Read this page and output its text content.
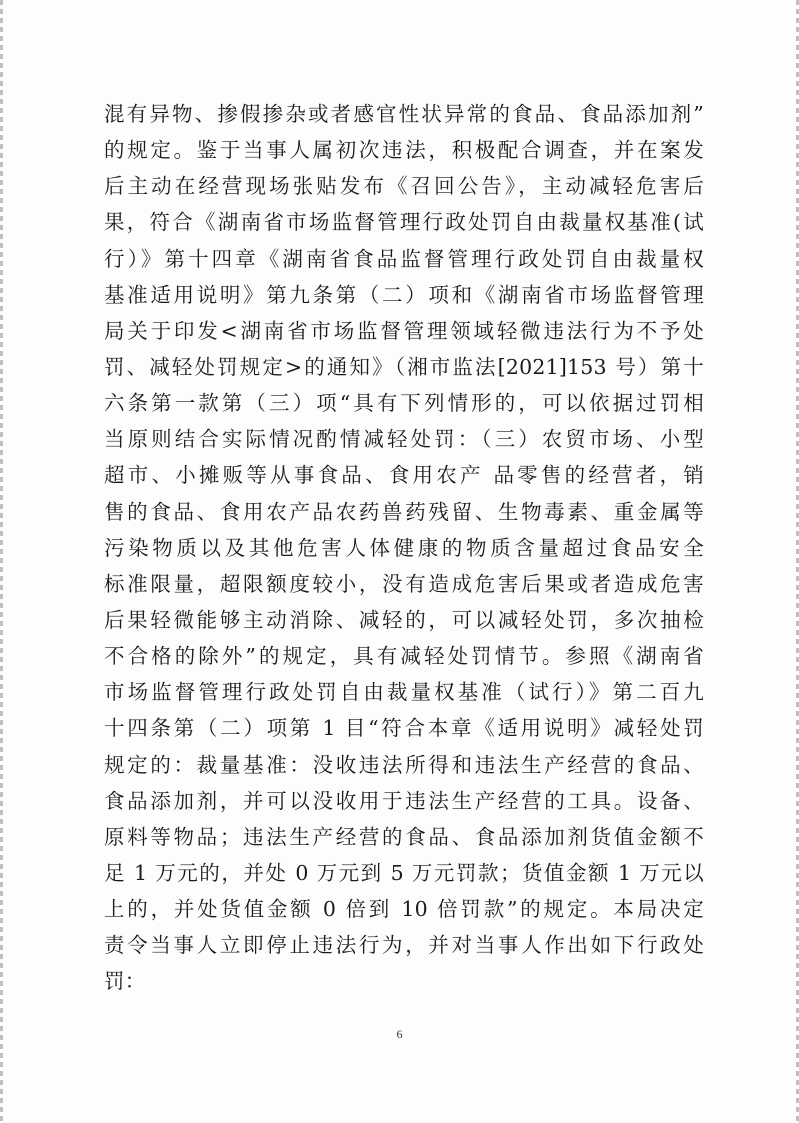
混有异物、掺假掺杂或者感官性状异常的食品、食品添加剂”
的规定。鉴于当事人属初次违法，积极配合调查，并在案发
后主动在经营现场张贴发布《召回公告》，主动减轻危害后
果，符合《湖南省市场监督管理行政处罚自由裁量权基准(试
行）》第十四章《湖南省食品监督管理行政处罚自由裁量权
基准适用说明》第九条第（二）项和《湖南省市场监督管理
局关于印发<湖南省市场监督管理领域轻微违法行为不予处
罚、减轻处罚规定>的通知》（湘市监法[2021]153 号）第十
六条第一款第（三）项“具有下列情形的，可以依据过罚相
当原则结合实际情况酌情减轻处罚：（三）农贸市场、小型
超市、小摊贩等从事食品、食用农产 品零售的经营者，销
售的食品、食用农产品农药兽药残留、生物毒素、重金属等
污染物质以及其他危害人体健康的物质含量超过食品安全
标准限量，超限额度较小，没有造成危害后果或者造成危害
后果轻微能够主动消除、减轻的，可以减轻处罚，多次抽检
不合格的除外”的规定，具有减轻处罚情节。参照《湖南省
市场监督管理行政处罚自由裁量权基准（试行）》第二百九
十四条第（二）项第 1 目“符合本章《适用说明》减轻处罚
规定的：裁量基准：没收违法所得和违法生产经营的食品、
食品添加剂，并可以没收用于违法生产经营的工具。设备、
原料等物品；违法生产经营的食品、食品添加剂货值金额不
足 1 万元的，并处 0 万元到 5 万元罚款；货值金额 1 万元以
上的，并处货值金额 0 倍到 10 倍罚款”的规定。本局决定
责令当事人立即停止违法行为，并对当事人作出如下行政处
罚：
6
